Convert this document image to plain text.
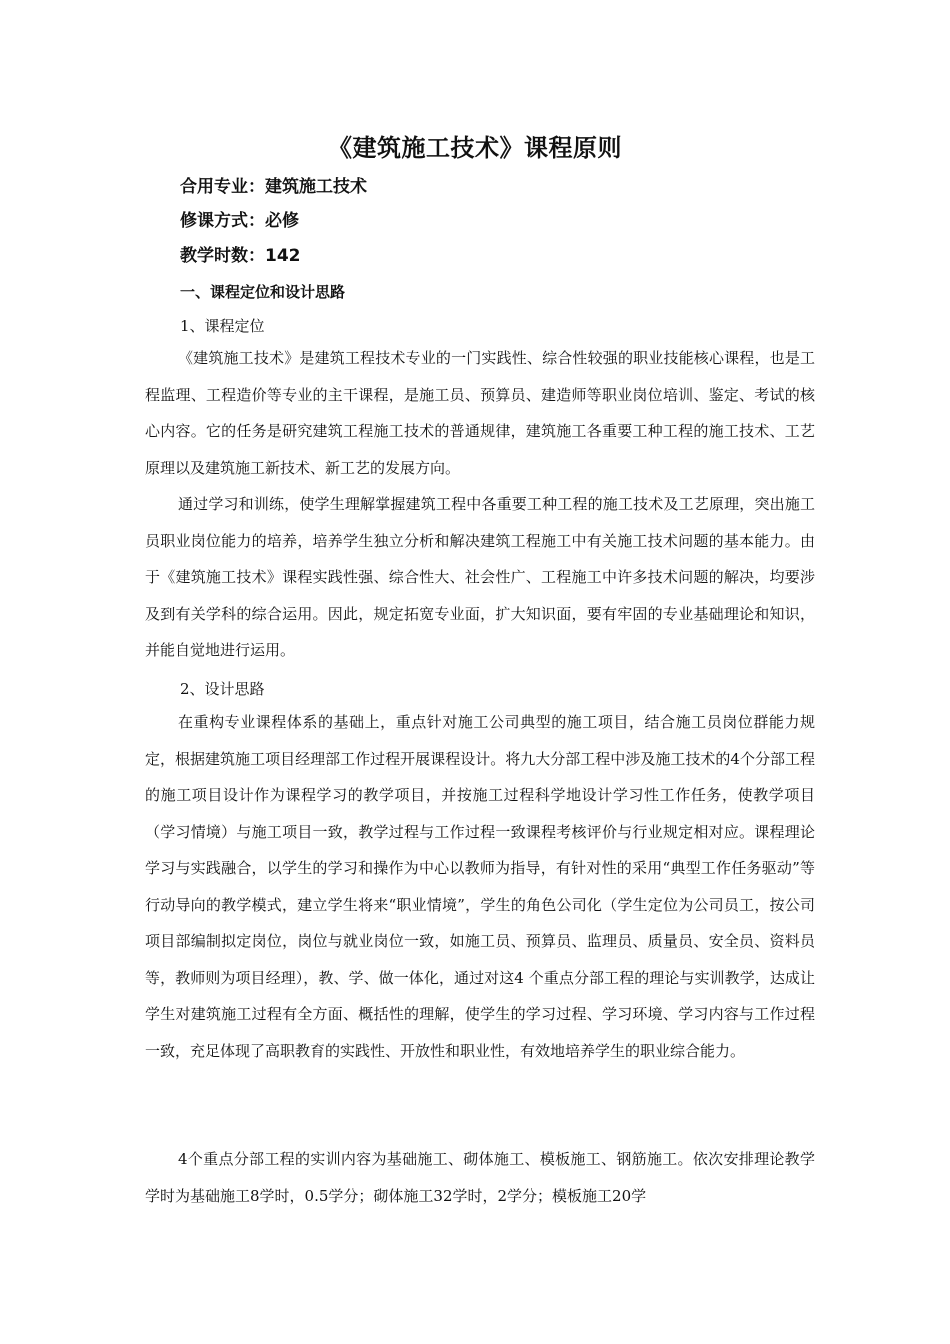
《建筑施工技术》课程原则
合用专业：建筑施工技术
修课方式：必修
教学时数：142
一、课程定位和设计思路
1、课程定位

《建筑施工技术》是建筑工程技术专业的一门实践性、综合性较强的职业技能核心课程，也是工程监理、工程造价等专业的主干课程，是施工员、预算员、建造师等职业岗位培训、鉴定、考试的核心内容。它的任务是研究建筑工程施工技术的普通规律，建筑施工各重要工种工程的施工技术、工艺原理以及建筑施工新技术、新工艺的发展方向。

通过学习和训练，使学生理解掌握建筑工程中各重要工种工程的施工技术及工艺原理，突出施工员职业岗位能力的培养，培养学生独立分析和解决建筑工程施工中有关施工技术问题的基本能力。由于《建筑施工技术》课程实践性强、综合性大、社会性广、工程施工中许多技术问题的解决，均要涉及到有关学科的综合运用。因此，规定拓宽专业面，扩大知识面，要有牢固的专业基础理论和知识，并能自觉地进行运用。

2、设计思路

在重构专业课程体系的基础上，重点针对施工公司典型的施工项目，结合施工员岗位群能力规定，根据建筑施工项目经理部工作过程开展课程设计。将九大分部工程中涉及施工技术的4个分部工程的施工项目设计作为课程学习的教学项目，并按施工过程科学地设计学习性工作任务，使教学项目（学习情境）与施工项目一致，教学过程与工作过程一致课程考核评价与行业规定相对应。课程理论学习与实践融合，以学生的学习和操作为中心以教师为指导，有针对性的采用“典型工作任务驱动”等行动导向的教学模式，建立学生将来“职业情境”，学生的角色公司化（学生定位为公司员工，按公司项目部编制拟定岗位，岗位与就业岗位一致，如施工员、预算员、监理员、质量员、安全员、资料员等，教师则为项目经理），教、学、做一体化，通过对这4 个重点分部工程的理论与实训教学，达成让学生对建筑施工过程有全方面、概括性的理解，使学生的学习过程、学习环境、学习内容与工作过程一致，充足体现了高职教育的实践性、开放性和职业性，有效地培养学生的职业综合能力。

4个重点分部工程的实训内容为基础施工、砌体施工、模板施工、钢筋施工。依次安排理论教学学时为基础施工8学时，0.5学分；砌体施工32学时，2学分；模板施工20学
